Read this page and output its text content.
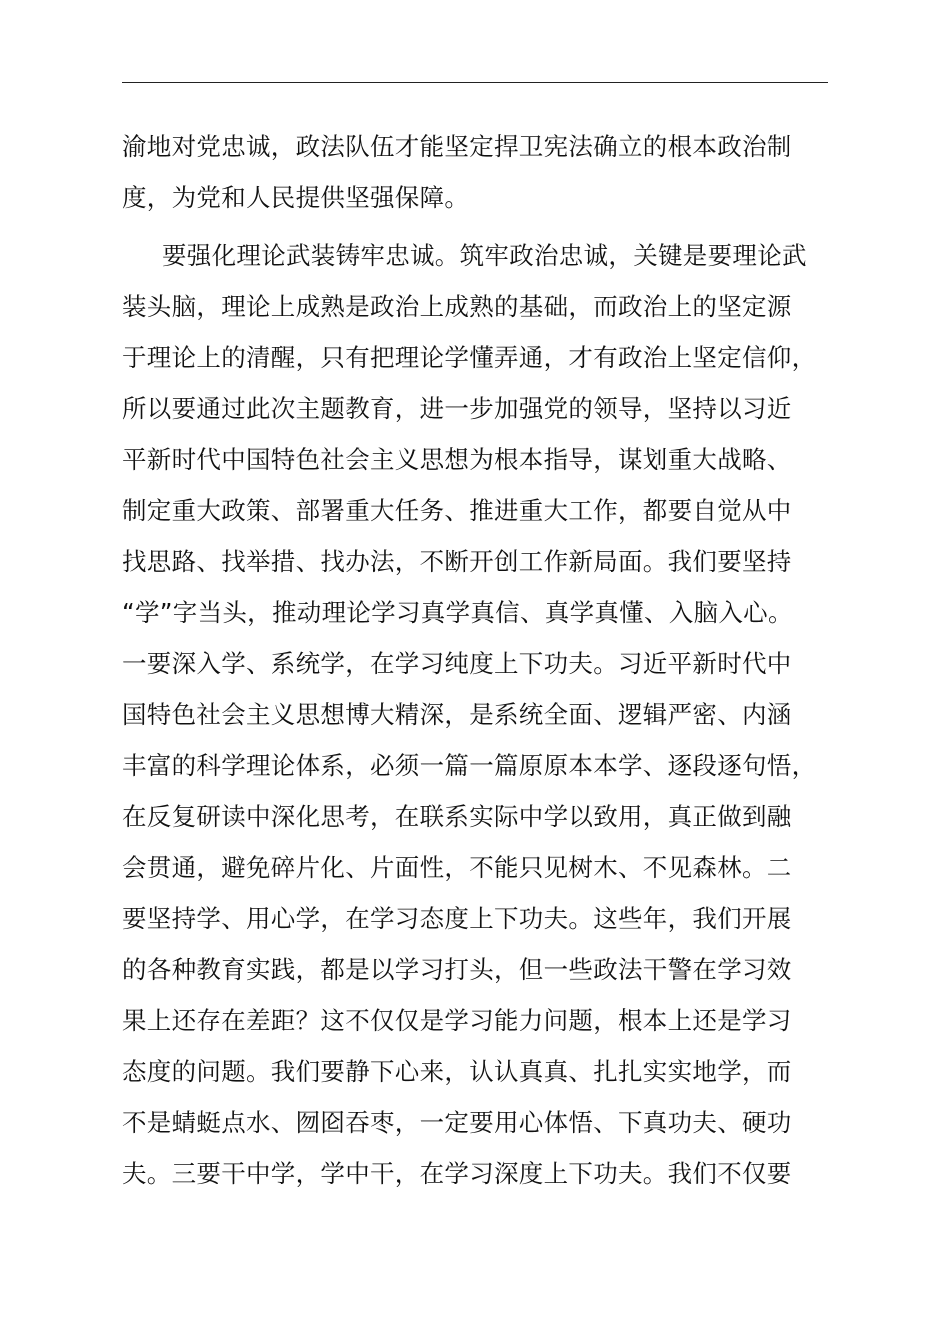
渝地对党忠诚，政法队伍才能坚定捍卫宪法确立的根本政治制
度，为党和人民提供坚强保障。
要强化理论武装铸牢忠诚。筑牢政治忠诚，关键是要理论武
装头脑，理论上成熟是政治上成熟的基础，而政治上的坚定源
于理论上的清醒，只有把理论学懂弄通，才有政治上坚定信仰，
所以要通过此次主题教育，进一步加强党的领导，坚持以习近
平新时代中国特色社会主义思想为根本指导，谋划重大战略、
制定重大政策、部署重大任务、推进重大工作，都要自觉从中
找思路、找举措、找办法，不断开创工作新局面。我们要坚持
“学”字当头，推动理论学习真学真信、真学真懂、入脑入心。
一要深入学、系统学，在学习纯度上下功夫。习近平新时代中
国特色社会主义思想博大精深，是系统全面、逻辑严密、内涵
丰富的科学理论体系，必须一篇一篇原原本本学、逐段逐句悟，
在反复研读中深化思考，在联系实际中学以致用，真正做到融
会贯通，避免碎片化、片面性，不能只见树木、不见森林。二
要坚持学、用心学，在学习态度上下功夫。这些年，我们开展
的各种教育实践，都是以学习打头，但一些政法干警在学习效
果上还存在差距？这不仅仅是学习能力问题，根本上还是学习
态度的问题。我们要静下心来，认认真真、扎扎实实地学，而
不是蜻蜓点水、囫囵吞枣，一定要用心体悟、下真功夫、硬功
夫。三要干中学，学中干，在学习深度上下功夫。我们不仅要
